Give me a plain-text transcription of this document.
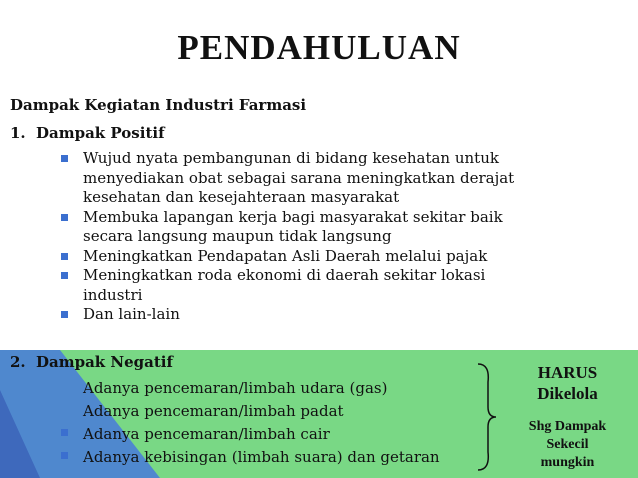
PENDAHULUAN
Dampak Kegiatan Industri Farmasi
1. Dampak Positif
Wujud nyata pembangunan di bidang kesehatan untuk menyediakan obat sebagai sarana meningkatkan derajat kesehatan dan kesejahteraan masyarakat
Membuka lapangan kerja bagi masyarakat sekitar baik secara langsung maupun tidak langsung
Meningkatkan Pendapatan Asli Daerah melalui pajak
Meningkatkan roda ekonomi di daerah sekitar lokasi industri
Dan lain-lain
2. Dampak Negatif
Adanya pencemaran/limbah udara (gas)
Adanya pencemaran/limbah padat
Adanya pencemaran/limbah cair
Adanya kebisingan (limbah suara) dan getaran
HARUS
Dikelola
Shg Dampak
Sekecil
mungkin
